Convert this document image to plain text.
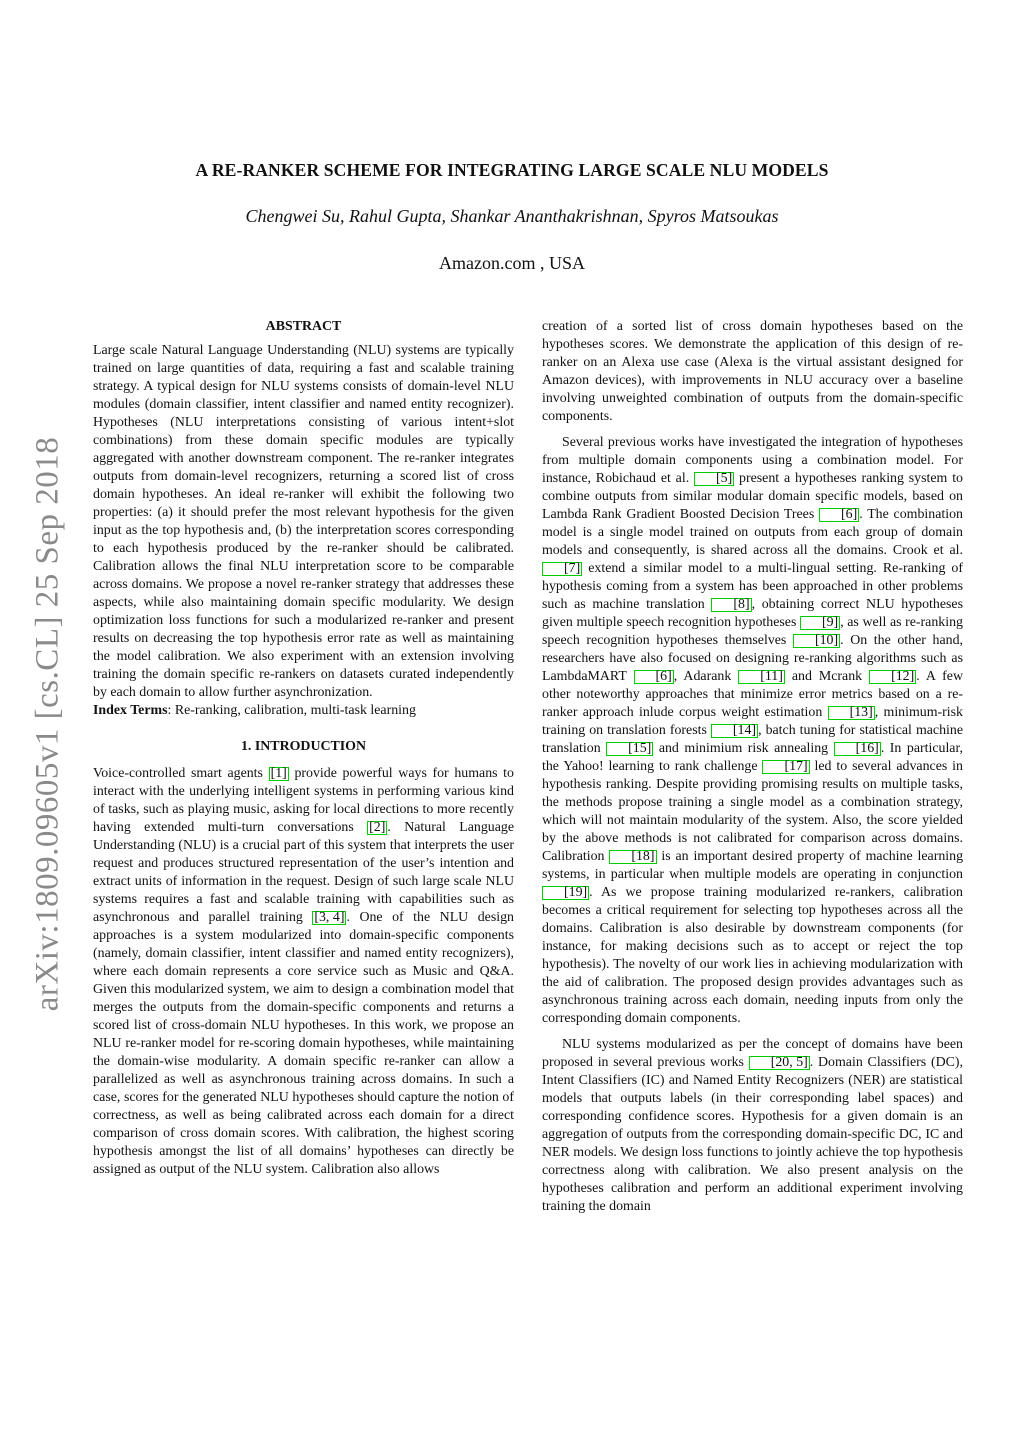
arXiv:1809.09605v1 [cs.CL] 25 Sep 2018
A RE-RANKER SCHEME FOR INTEGRATING LARGE SCALE NLU MODELS
Chengwei Su, Rahul Gupta, Shankar Ananthakrishnan, Spyros Matsoukas
Amazon.com , USA
ABSTRACT

Large scale Natural Language Understanding (NLU) systems are typically trained on large quantities of data, requiring a fast and scalable training strategy. A typical design for NLU systems consists of domain-level NLU modules (domain classifier, intent classifier and named entity recognizer). Hypotheses (NLU interpretations consisting of various intent+slot combinations) from these domain specific modules are typically aggregated with another downstream component. The re-ranker integrates outputs from domain-level recognizers, returning a scored list of cross domain hypotheses. An ideal re-ranker will exhibit the following two properties: (a) it should prefer the most relevant hypothesis for the given input as the top hypothesis and, (b) the interpretation scores corresponding to each hypothesis produced by the re-ranker should be calibrated. Calibration allows the final NLU interpretation score to be comparable across domains. We propose a novel re-ranker strategy that addresses these aspects, while also maintaining domain specific modularity. We design optimization loss functions for such a modularized re-ranker and present results on decreasing the top hypothesis error rate as well as maintaining the model calibration. We also experiment with an extension involving training the domain specific re-rankers on datasets curated independently by each domain to allow further asynchronization.

Index Terms: Re-ranking, calibration, multi-task learning

1. INTRODUCTION

Voice-controlled smart agents [1] provide powerful ways for humans to interact with the underlying intelligent systems in performing various kind of tasks, such as playing music, asking for local directions to more recently having extended multi-turn conversations [2] . Natural Language Understanding (NLU) is a crucial part of this system that interprets the user request and produces structured representation of the user’s intention and extract units of information in the request. Design of such large scale NLU systems requires a fast and scalable training with capabilities such as asynchronous and parallel training [3, 4] . One of the NLU design approaches is a system modularized into domain-specific components (namely, domain classifier, intent classifier and named entity recognizers), where each domain represents a core service such as Music and Q&A. Given this modularized system, we aim to design a combination model that merges the outputs from the domain-specific components and returns a scored list of cross-domain NLU hypotheses. In this work, we propose an NLU re-ranker model for re-scoring domain hypotheses, while maintaining the domain-wise modularity. A domain specific re-ranker can allow a parallelized as well as asynchronous training across domains. In such a case, scores for the generated NLU hypotheses should capture the notion of correctness, as well as being calibrated across each domain for a direct comparison of cross domain scores. With calibration, the highest scoring hypothesis amongst the list of all domains’ hypotheses can directly be assigned as output of the NLU system. Calibration also allows

creation of a sorted list of cross domain hypotheses based on the hypotheses scores. We demonstrate the application of this design of re-ranker on an Alexa use case (Alexa is the virtual assistant designed for Amazon devices), with improvements in NLU accuracy over a baseline involving unweighted combination of outputs from the domain-specific components.

Several previous works have investigated the integration of hypotheses from multiple domain components using a combination model. For instance, Robichaud et al. [5] present a hypotheses ranking system to combine outputs from similar modular domain specific models, based on Lambda Rank Gradient Boosted Decision Trees [6] . The combination model is a single model trained on outputs from each group of domain models and consequently, is shared across all the domains. Crook et al. [7] extend a similar model to a multi-lingual setting. Re-ranking of hypothesis coming from a system has been approached in other problems such as machine translation [8] , obtaining correct NLU hypotheses given multiple speech recognition hypotheses [9] , as well as re-ranking speech recognition hypotheses themselves [10] . On the other hand, researchers have also focused on designing re-ranking algorithms such as LambdaMART [6] , Adarank [11] and Mcrank [12] . A few other noteworthy approaches that minimize error metrics based on a re-ranker approach inlude corpus weight estimation [13] , minimum-risk training on translation forests [14] , batch tuning for statistical machine translation [15] and minimium risk annealing [16] . In particular, the Yahoo! learning to rank challenge [17] led to several advances in hypothesis ranking. Despite providing promising results on multiple tasks, the methods propose training a single model as a combination strategy, which will not maintain modularity of the system. Also, the score yielded by the above methods is not calibrated for comparison across domains. Calibration [18] is an important desired property of machine learning systems, in particular when multiple models are operating in conjunction [19] . As we propose training modularized re-rankers, calibration becomes a critical requirement for selecting top hypotheses across all the domains. Calibration is also desirable by downstream components (for instance, for making decisions such as to accept or reject the top hypothesis). The novelty of our work lies in achieving modularization with the aid of calibration. The proposed design provides advantages such as asynchronous training across each domain, needing inputs from only the corresponding domain components.

NLU systems modularized as per the concept of domains have been proposed in several previous works [20, 5] . Domain Classifiers (DC), Intent Classifiers (IC) and Named Entity Recognizers (NER) are statistical models that outputs labels (in their corresponding label spaces) and corresponding confidence scores. Hypothesis for a given domain is an aggregation of outputs from the corresponding domain-specific DC, IC and NER models. We design loss functions to jointly achieve the top hypothesis correctness along with calibration. We also present analysis on the hypotheses calibration and perform an additional experiment involving training the domain
